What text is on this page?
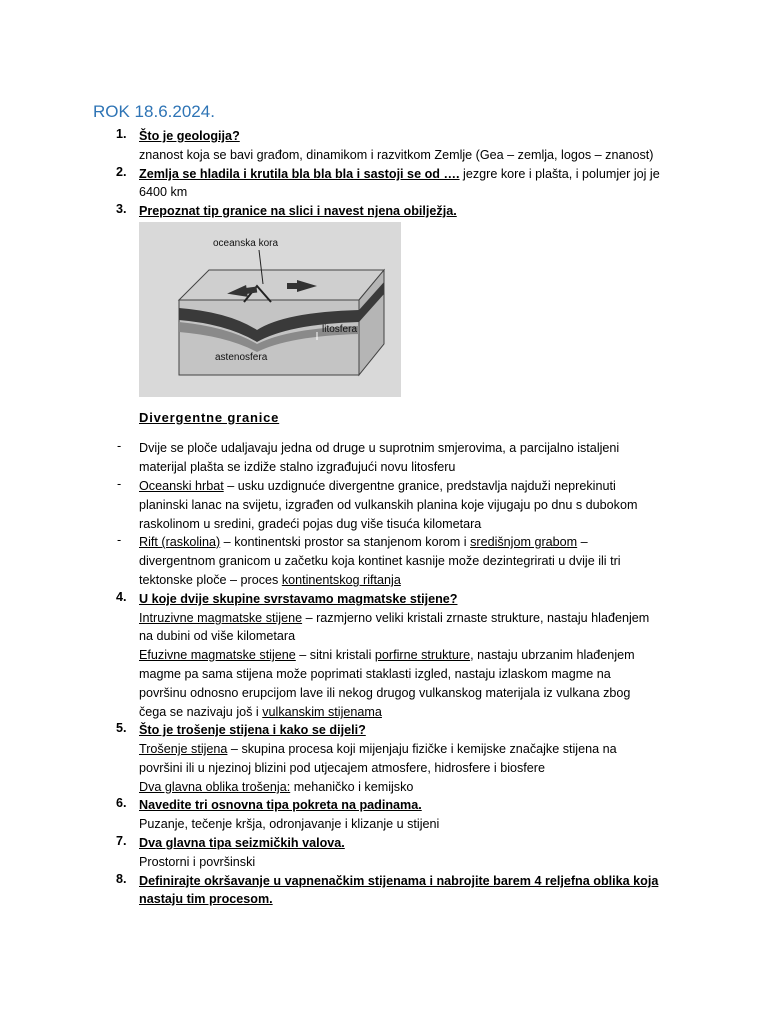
ROK 18.6.2024.
1. Što je geologija?
znanost koja se bavi građom, dinamikom i razvitkom Zemlje (Gea – zemlja, logos – znanost)
2. Zemlja se hladila i krutila bla bla bla i sastoji se od …. jezgre kore i plašta, i polumjer joj je
6400 km
3. Prepoznat tip granice na slici i navest njena obilježja.
oceanska kora
litosfera
astenosfera
Divergentne granice
- Dvije se ploče udaljavaju jedna od druge u suprotnim smjerovima, a parcijalno istaljeni
materijal plašta se izdiže stalno izgrađujući novu litosferu
- Oceanski hrbat – usku uzdignuće divergentne granice, predstavlja najduži neprekinuti
planinski lanac na svijetu, izgrađen od vulkanskih planina koje vijugaju po dnu s dubokom
raskolinom u sredini, gradeći pojas dug više tisuća kilometara
- Rift (raskolina) – kontinentski prostor sa stanjenom korom i središnjom grabom –
divergentnom granicom u začetku koja kontinet kasnije može dezintegrirati u dvije ili tri
tektonske ploče – proces kontinentskog riftanja
4. U koje dvije skupine svrstavamo magmatske stijene?
Intruzivne magmatske stijene – razmjerno veliki kristali zrnaste strukture, nastaju hlađenjem
na dubini od više kilometara
Efuzivne magmatske stijene – sitni kristali porfirne strukture, nastaju ubrzanim hlađenjem
magme pa sama stijena može poprimati staklasti izgled, nastaju izlaskom magme na
površinu odnosno erupcijom lave ili nekog drugog vulkanskog materijala iz vulkana zbog
čega se nazivaju još i vulkanskim stijenama
5. Što je trošenje stijena i kako se dijeli?
Trošenje stijena – skupina procesa koji mijenjaju fizičke i kemijske značajke stijena na
površini ili u njezinoj blizini pod utjecajem atmosfere, hidrosfere i biosfere
Dva glavna oblika trošenja: mehaničko i kemijsko
6. Navedite tri osnovna tipa pokreta na padinama.
Puzanje, tečenje kršja, odronjavanje i klizanje u stijeni
7. Dva glavna tipa seizmičkih valova.
Prostorni i površinski
8. Definirajte okršavanje u vapnenačkim stijenama i nabrojite barem 4 reljefna oblika koja
nastaju tim procesom.
